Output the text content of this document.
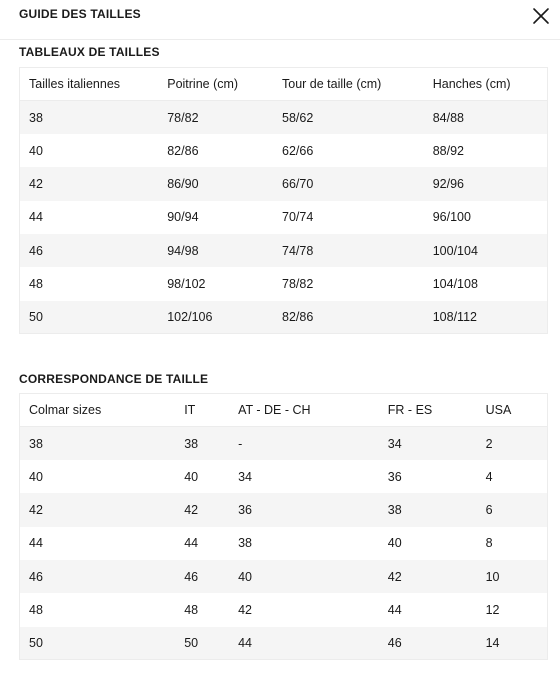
GUIDE DES TAILLES
TABLEAUX DE TAILLES
Tailles italiennes	Poitrine (cm)	Tour de taille (cm)	Hanches (cm)
38	78/82	58/62	84/88
40	82/86	62/66	88/92
42	86/90	66/70	92/96
44	90/94	70/74	96/100
46	94/98	74/78	100/104
48	98/102	78/82	104/108
50	102/106	82/86	108/112
CORRESPONDANCE DE TAILLE
Colmar sizes	IT	AT - DE - CH	FR - ES	USA
38	38	-	34	2
40	40	34	36	4
42	42	36	38	6
44	44	38	40	8
46	46	40	42	10
48	48	42	44	12
50	50	44	46	14
